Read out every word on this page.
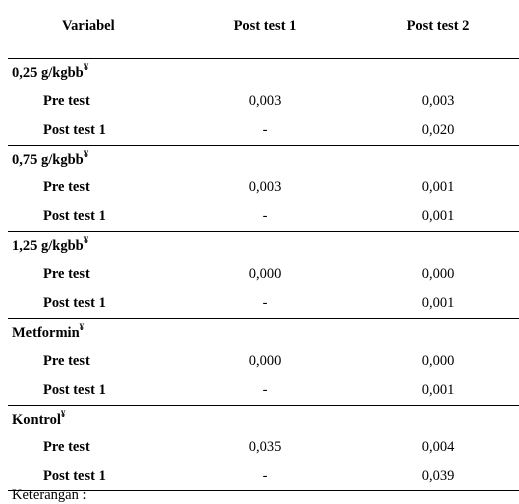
Variabel	Post test 1	Post test 2
0,25 g/kgbb¥
Pre test	0,003	0,003
Post test 1	-	0,020
0,75 g/kgbb¥
Pre test	0,003	0,001
Post test 1	-	0,001
1,25 g/kgbb¥
Pre test	0,000	0,000
Post test 1	-	0,001
Metformin¥
Pre test	0,000	0,000
Post test 1	-	0,001
Kontrol¥
Pre test	0,035	0,004
Post test 1	-	0,039
Keterangan :
